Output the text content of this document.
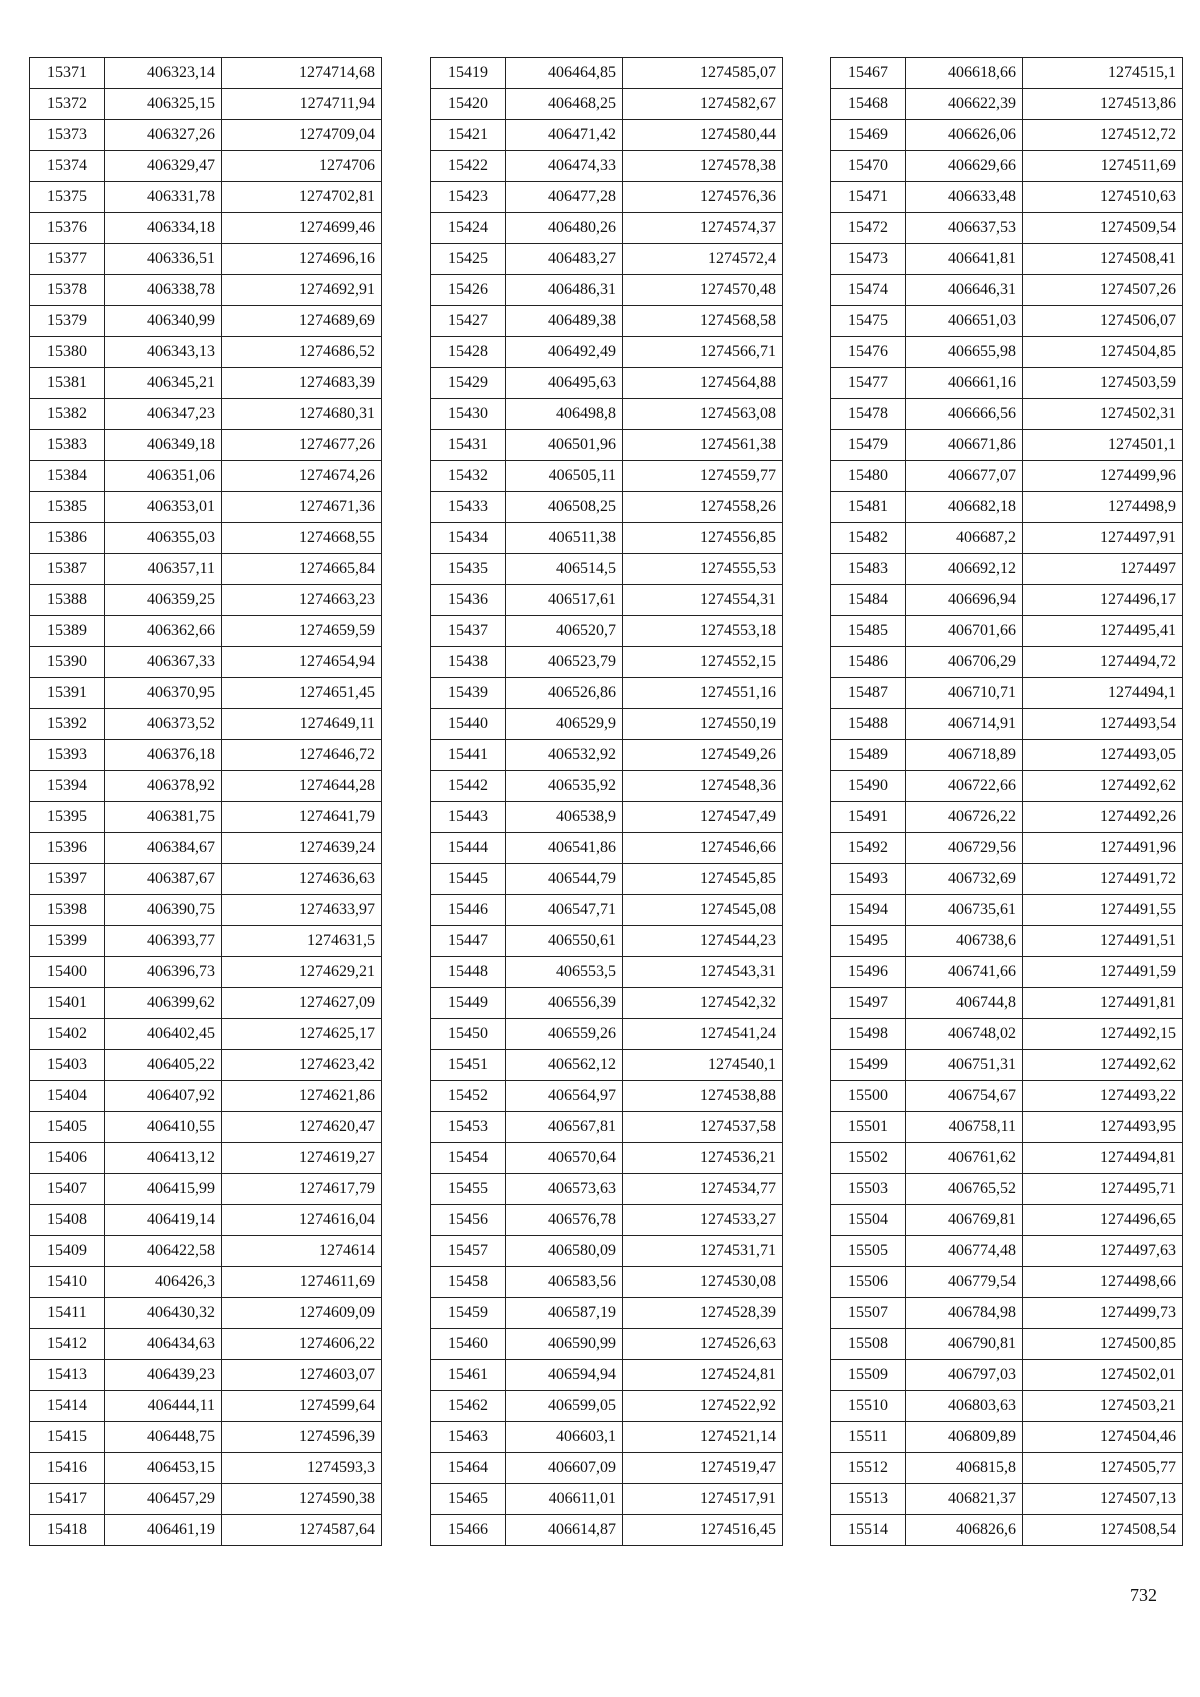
15371	406323,14	1274714,68
15372	406325,15	1274711,94
15373	406327,26	1274709,04
15374	406329,47	1274706
15375	406331,78	1274702,81
15376	406334,18	1274699,46
15377	406336,51	1274696,16
15378	406338,78	1274692,91
15379	406340,99	1274689,69
15380	406343,13	1274686,52
15381	406345,21	1274683,39
15382	406347,23	1274680,31
15383	406349,18	1274677,26
15384	406351,06	1274674,26
15385	406353,01	1274671,36
15386	406355,03	1274668,55
15387	406357,11	1274665,84
15388	406359,25	1274663,23
15389	406362,66	1274659,59
15390	406367,33	1274654,94
15391	406370,95	1274651,45
15392	406373,52	1274649,11
15393	406376,18	1274646,72
15394	406378,92	1274644,28
15395	406381,75	1274641,79
15396	406384,67	1274639,24
15397	406387,67	1274636,63
15398	406390,75	1274633,97
15399	406393,77	1274631,5
15400	406396,73	1274629,21
15401	406399,62	1274627,09
15402	406402,45	1274625,17
15403	406405,22	1274623,42
15404	406407,92	1274621,86
15405	406410,55	1274620,47
15406	406413,12	1274619,27
15407	406415,99	1274617,79
15408	406419,14	1274616,04
15409	406422,58	1274614
15410	406426,3	1274611,69
15411	406430,32	1274609,09
15412	406434,63	1274606,22
15413	406439,23	1274603,07
15414	406444,11	1274599,64
15415	406448,75	1274596,39
15416	406453,15	1274593,3
15417	406457,29	1274590,38
15418	406461,19	1274587,64
15419	406464,85	1274585,07
15420	406468,25	1274582,67
15421	406471,42	1274580,44
15422	406474,33	1274578,38
15423	406477,28	1274576,36
15424	406480,26	1274574,37
15425	406483,27	1274572,4
15426	406486,31	1274570,48
15427	406489,38	1274568,58
15428	406492,49	1274566,71
15429	406495,63	1274564,88
15430	406498,8	1274563,08
15431	406501,96	1274561,38
15432	406505,11	1274559,77
15433	406508,25	1274558,26
15434	406511,38	1274556,85
15435	406514,5	1274555,53
15436	406517,61	1274554,31
15437	406520,7	1274553,18
15438	406523,79	1274552,15
15439	406526,86	1274551,16
15440	406529,9	1274550,19
15441	406532,92	1274549,26
15442	406535,92	1274548,36
15443	406538,9	1274547,49
15444	406541,86	1274546,66
15445	406544,79	1274545,85
15446	406547,71	1274545,08
15447	406550,61	1274544,23
15448	406553,5	1274543,31
15449	406556,39	1274542,32
15450	406559,26	1274541,24
15451	406562,12	1274540,1
15452	406564,97	1274538,88
15453	406567,81	1274537,58
15454	406570,64	1274536,21
15455	406573,63	1274534,77
15456	406576,78	1274533,27
15457	406580,09	1274531,71
15458	406583,56	1274530,08
15459	406587,19	1274528,39
15460	406590,99	1274526,63
15461	406594,94	1274524,81
15462	406599,05	1274522,92
15463	406603,1	1274521,14
15464	406607,09	1274519,47
15465	406611,01	1274517,91
15466	406614,87	1274516,45
15467	406618,66	1274515,1
15468	406622,39	1274513,86
15469	406626,06	1274512,72
15470	406629,66	1274511,69
15471	406633,48	1274510,63
15472	406637,53	1274509,54
15473	406641,81	1274508,41
15474	406646,31	1274507,26
15475	406651,03	1274506,07
15476	406655,98	1274504,85
15477	406661,16	1274503,59
15478	406666,56	1274502,31
15479	406671,86	1274501,1
15480	406677,07	1274499,96
15481	406682,18	1274498,9
15482	406687,2	1274497,91
15483	406692,12	1274497
15484	406696,94	1274496,17
15485	406701,66	1274495,41
15486	406706,29	1274494,72
15487	406710,71	1274494,1
15488	406714,91	1274493,54
15489	406718,89	1274493,05
15490	406722,66	1274492,62
15491	406726,22	1274492,26
15492	406729,56	1274491,96
15493	406732,69	1274491,72
15494	406735,61	1274491,55
15495	406738,6	1274491,51
15496	406741,66	1274491,59
15497	406744,8	1274491,81
15498	406748,02	1274492,15
15499	406751,31	1274492,62
15500	406754,67	1274493,22
15501	406758,11	1274493,95
15502	406761,62	1274494,81
15503	406765,52	1274495,71
15504	406769,81	1274496,65
15505	406774,48	1274497,63
15506	406779,54	1274498,66
15507	406784,98	1274499,73
15508	406790,81	1274500,85
15509	406797,03	1274502,01
15510	406803,63	1274503,21
15511	406809,89	1274504,46
15512	406815,8	1274505,77
15513	406821,37	1274507,13
15514	406826,6	1274508,54
732
